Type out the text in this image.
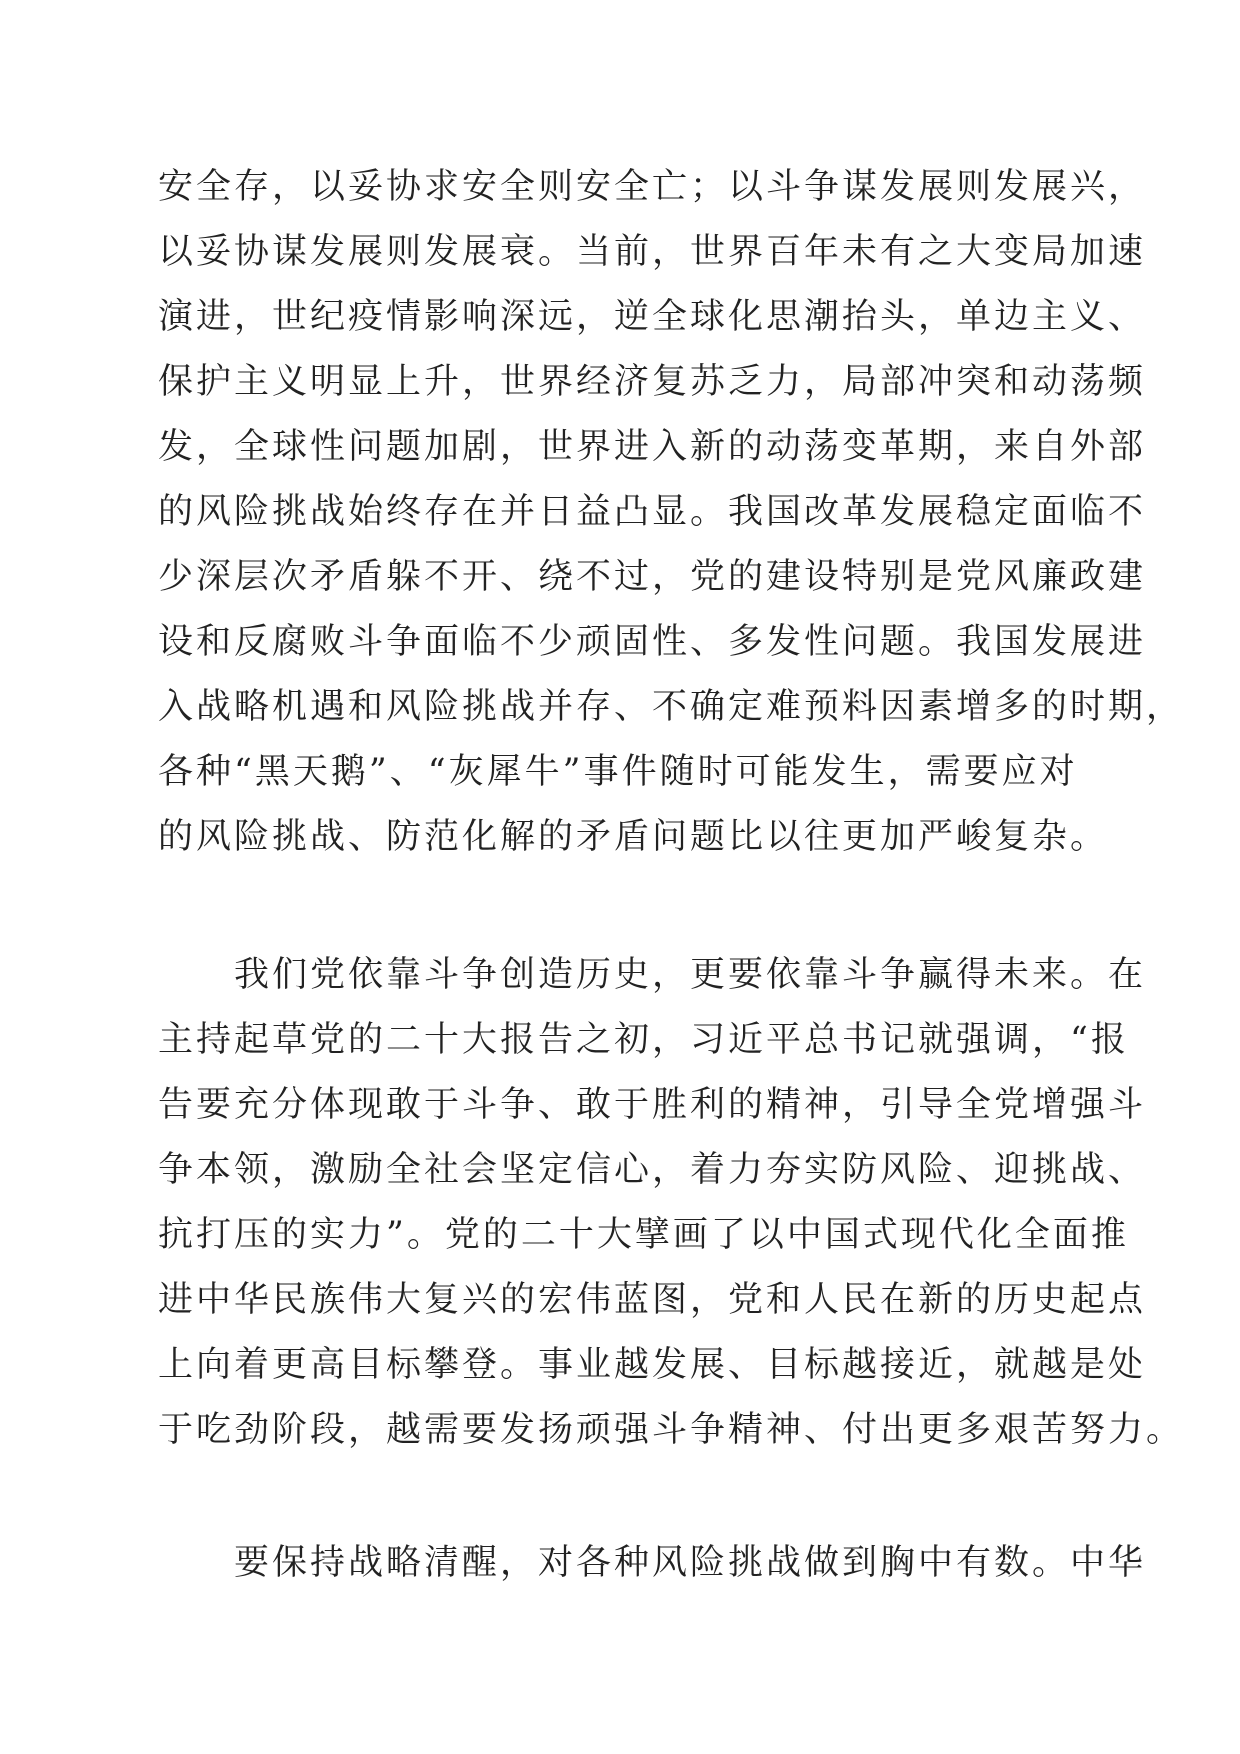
安全存，以妥协求安全则安全亡；以斗争谋发展则发展兴，
以妥协谋发展则发展衰。当前，世界百年未有之大变局加速
演进，世纪疫情影响深远，逆全球化思潮抬头，单边主义、
保护主义明显上升，世界经济复苏乏力，局部冲突和动荡频
发，全球性问题加剧，世界进入新的动荡变革期，来自外部
的风险挑战始终存在并日益凸显。我国改革发展稳定面临不
少深层次矛盾躲不开、绕不过，党的建设特别是党风廉政建
设和反腐败斗争面临不少顽固性、多发性问题。我国发展进
入战略机遇和风险挑战并存、不确定难预料因素增多的时期，
各种“黑天鹅”、“灰犀牛”事件随时可能发生，需要应对
的风险挑战、防范化解的矛盾问题比以往更加严峻复杂。
　　我们党依靠斗争创造历史，更要依靠斗争赢得未来。在
主持起草党的二十大报告之初，习近平总书记就强调，“报
告要充分体现敢于斗争、敢于胜利的精神，引导全党增强斗
争本领，激励全社会坚定信心，着力夯实防风险、迎挑战、
抗打压的实力”。党的二十大擘画了以中国式现代化全面推
进中华民族伟大复兴的宏伟蓝图，党和人民在新的历史起点
上向着更高目标攀登。事业越发展、目标越接近，就越是处
于吃劲阶段，越需要发扬顽强斗争精神、付出更多艰苦努力。
　　要保持战略清醒，对各种风险挑战做到胸中有数。中华
